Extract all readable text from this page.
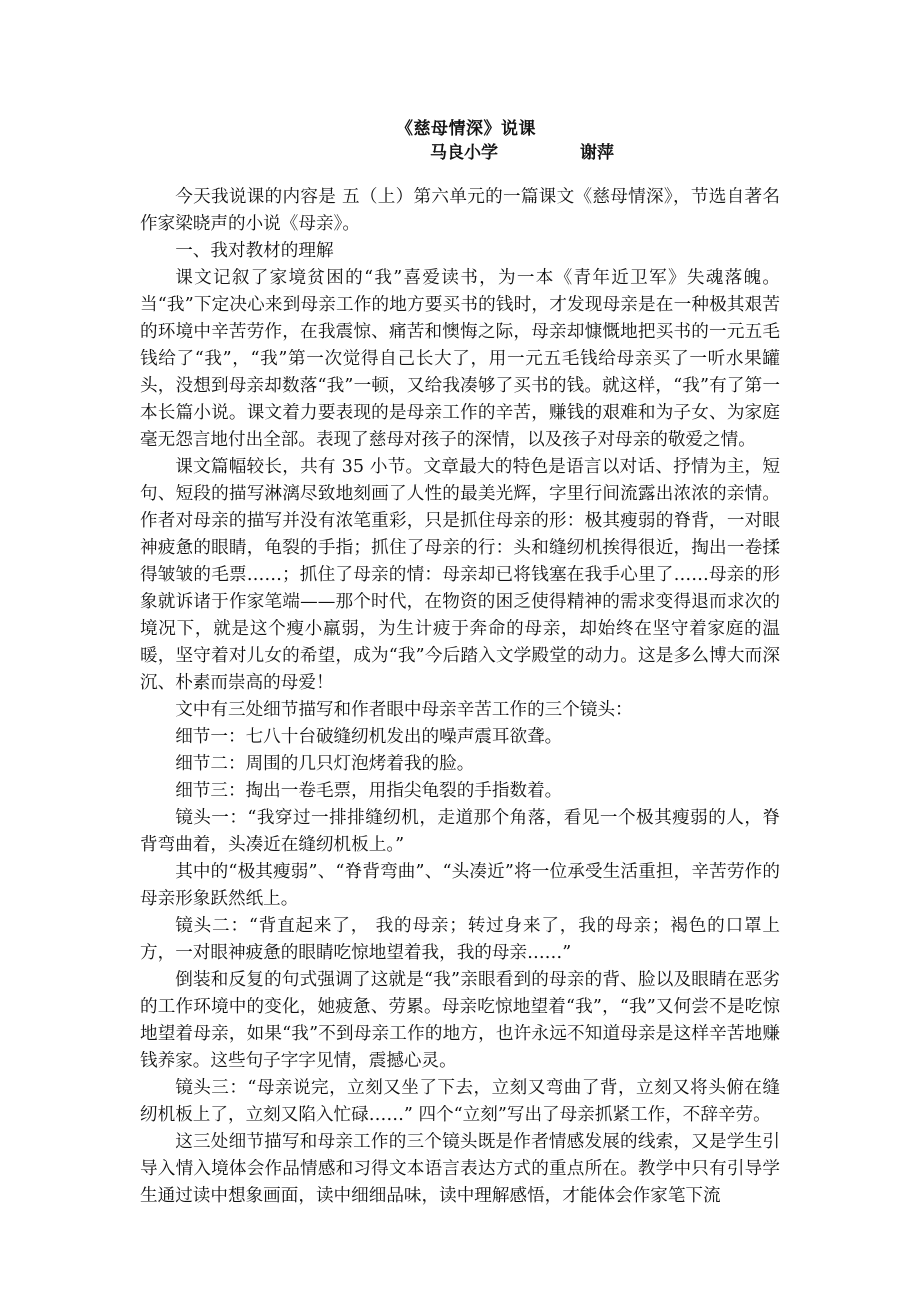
《慈母情深》说课
马良小学	谢萍

今天我说课的内容是 五（上）第六单元的一篇课文《慈母情深》，节选自著名作家梁晓声的小说《母亲》。

一、我对教材的理解

课文记叙了家境贫困的“我”喜爱读书，为一本《青年近卫军》失魂落魄。当“我”下定决心来到母亲工作的地方要买书的钱时，才发现母亲是在一种极其艰苦的环境中辛苦劳作，在我震惊、痛苦和懊悔之际，母亲却慷慨地把买书的一元五毛钱给了“我”，“我”第一次觉得自己长大了，用一元五毛钱给母亲买了一听水果罐头，没想到母亲却数落“我”一顿，又给我凑够了买书的钱。就这样，“我”有了第一本长篇小说。课文着力要表现的是母亲工作的辛苦，赚钱的艰难和为子女、为家庭毫无怨言地付出全部。表现了慈母对孩子的深情，以及孩子对母亲的敬爱之情。

课文篇幅较长，共有 35 小节。文章最大的特色是语言以对话、抒情为主，短句、短段的描写淋漓尽致地刻画了人性的最美光辉，字里行间流露出浓浓的亲情。作者对母亲的描写并没有浓笔重彩，只是抓住母亲的形：极其瘦弱的脊背，一对眼神疲惫的眼睛，龟裂的手指；抓住了母亲的行：头和缝纫机挨得很近，掏出一卷揉得皱皱的毛票……；抓住了母亲的情：母亲却已将钱塞在我手心里了……母亲的形象就诉诸于作家笔端——那个时代，在物资的困乏使得精神的需求变得退而求次的境况下，就是这个瘦小羸弱，为生计疲于奔命的母亲，却始终在坚守着家庭的温暖，坚守着对儿女的希望，成为“我”今后踏入文学殿堂的动力。这是多么博大而深沉、朴素而崇高的母爱！

文中有三处细节描写和作者眼中母亲辛苦工作的三个镜头：

细节一：七八十台破缝纫机发出的噪声震耳欲聋。

细节二：周围的几只灯泡烤着我的脸。

细节三：掏出一卷毛票，用指尖龟裂的手指数着。

镜头一：“我穿过一排排缝纫机，走道那个角落，看见一个极其瘦弱的人，脊背弯曲着，头凑近在缝纫机板上。”

其中的“极其瘦弱”、“脊背弯曲”、“头凑近”将一位承受生活重担，辛苦劳作的母亲形象跃然纸上。

镜头二：“背直起来了， 我的母亲；转过身来了，我的母亲；褐色的口罩上方，一对眼神疲惫的眼睛吃惊地望着我，我的母亲……”

倒装和反复的句式强调了这就是“我”亲眼看到的母亲的背、脸以及眼睛在恶劣的工作环境中的变化，她疲惫、劳累。母亲吃惊地望着“我”，“我”又何尝不是吃惊地望着母亲，如果“我”不到母亲工作的地方，也许永远不知道母亲是这样辛苦地赚钱养家。这些句子字字见情，震撼心灵。

镜头三：“母亲说完，立刻又坐了下去，立刻又弯曲了背，立刻又将头俯在缝纫机板上了，立刻又陷入忙碌……” 四个“立刻”写出了母亲抓紧工作，不辞辛劳。

这三处细节描写和母亲工作的三个镜头既是作者情感发展的线索，又是学生引导入情入境体会作品情感和习得文本语言表达方式的重点所在。教学中只有引导学生通过读中想象画面，读中细细品味，读中理解感悟，才能体会作家笔下流
